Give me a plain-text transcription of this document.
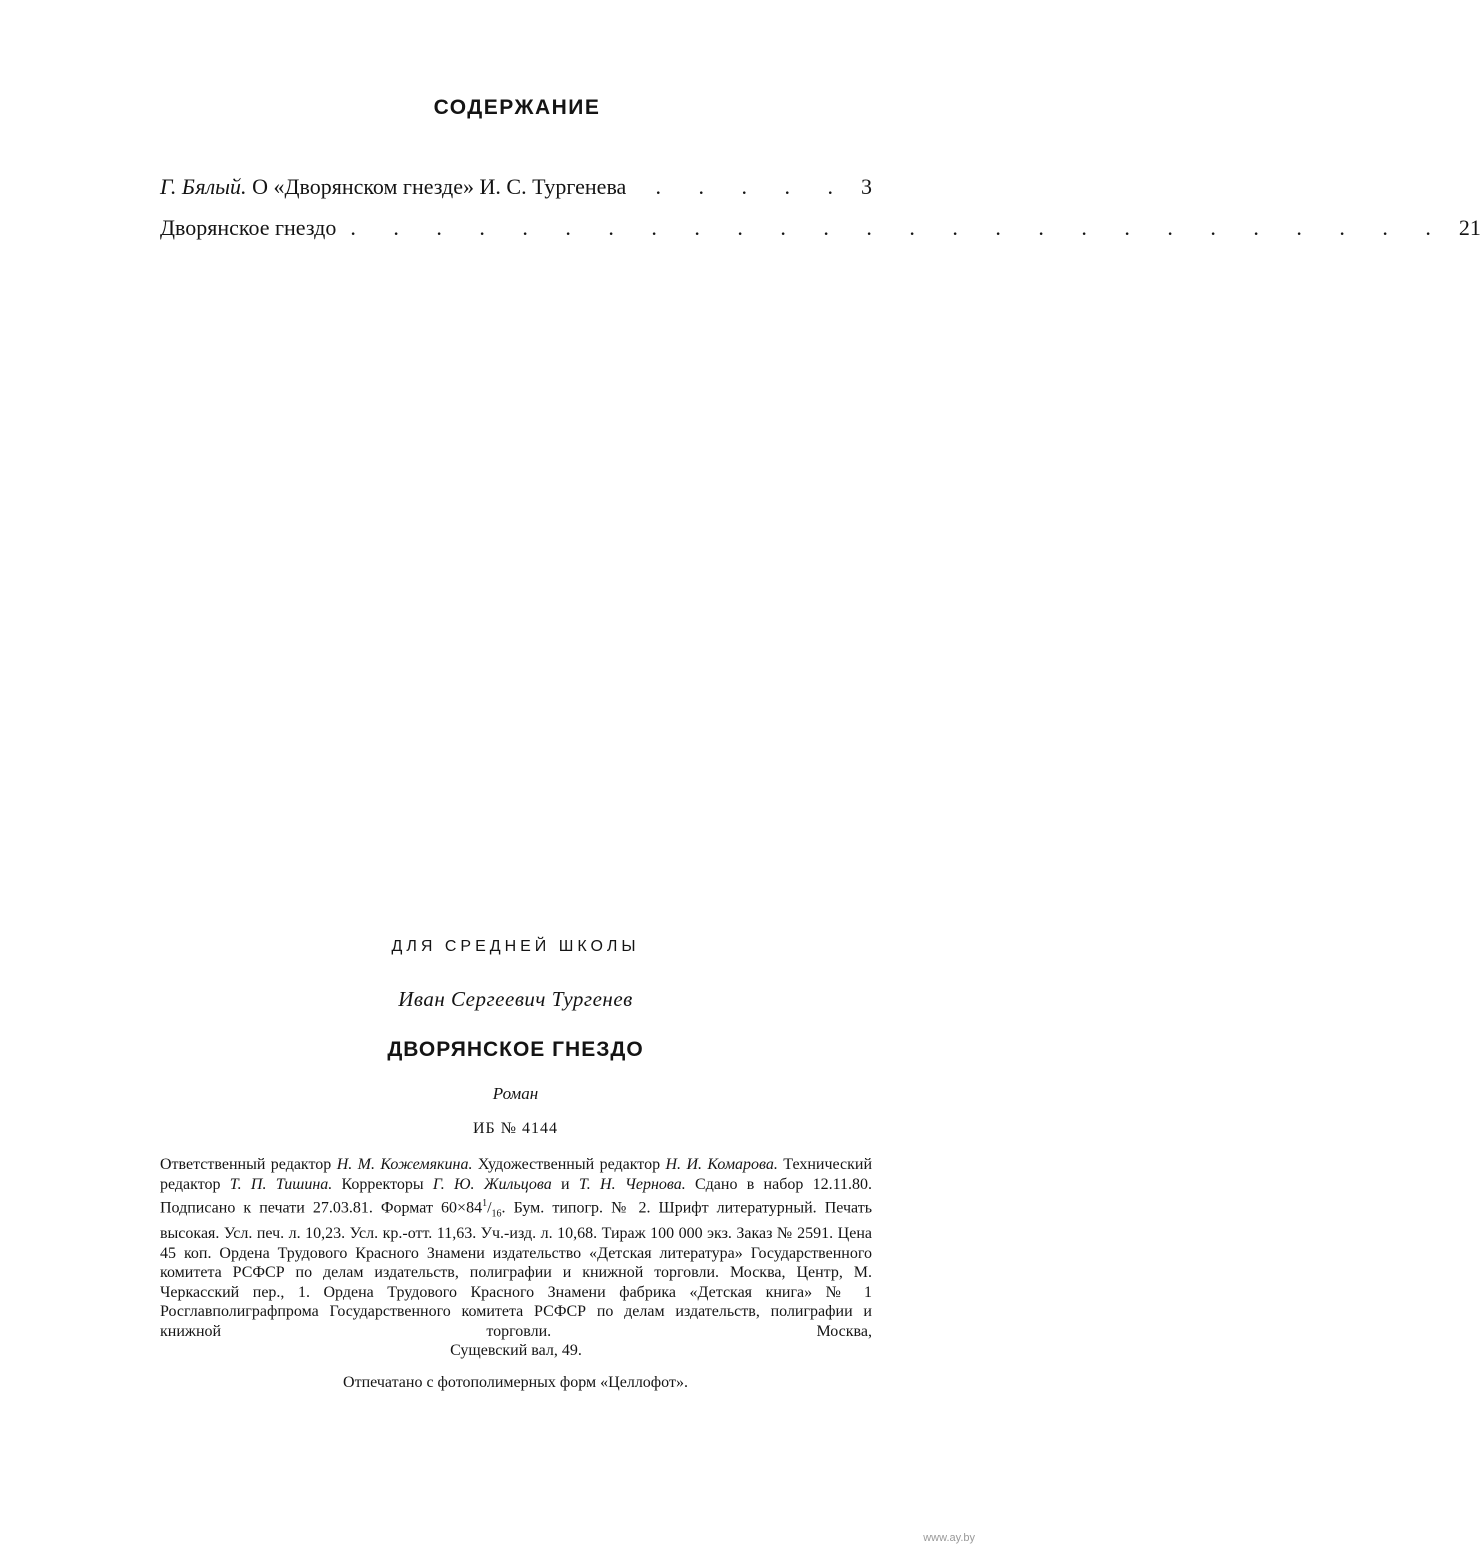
СОДЕРЖАНИЕ
Г. Бялый. О «Дворянском гнезде» И. С. Тургенева	. . . . . 3
Дворянское гнездо . . . . . . . . . . . . . . . . . . . . . . . . . . 21
ДЛЯ СРЕДНЕЙ ШКОЛЫ
Иван Сергеевич Тургенев
ДВОРЯНСКОЕ ГНЕЗДО
Роман
ИБ № 4144
Ответственный редактор Н. М. Кожемякина. Художественный редактор Н. И. Комарова. Технический редактор Т. П. Тишина. Корректоры Г. Ю. Жильцова и Т. Н. Чернова. Сдано в набор 12.11.80. Подписано к печати 27.03.81. Формат $60\times 84^1/_{16}$. Бум. типогр. № 2. Шрифт литературный. Печать высокая. Усл. печ. л. 10,23. Усл. кр.-отт. 11,63. Уч.-изд. л. 10,68. Тираж 100 000 экз. Заказ № 2591. Цена 45 коп. Ордена Трудового Красного Знамени издательство «Детская литература» Государственного комитета РСФСР по делам издательств, полиграфии и книжной торговли. Москва, Центр, М. Черкасский пер., 1. Ордена Трудового Красного Знамени фабрика «Детская книга» № 1 Росглавполиграфпрома Государственного комитета РСФСР по делам издательств, полиграфии и книжной торговли. Москва,
Сущевский вал, 49.
Отпечатано с фотополимерных форм «Целлофот».
www.ay.by
